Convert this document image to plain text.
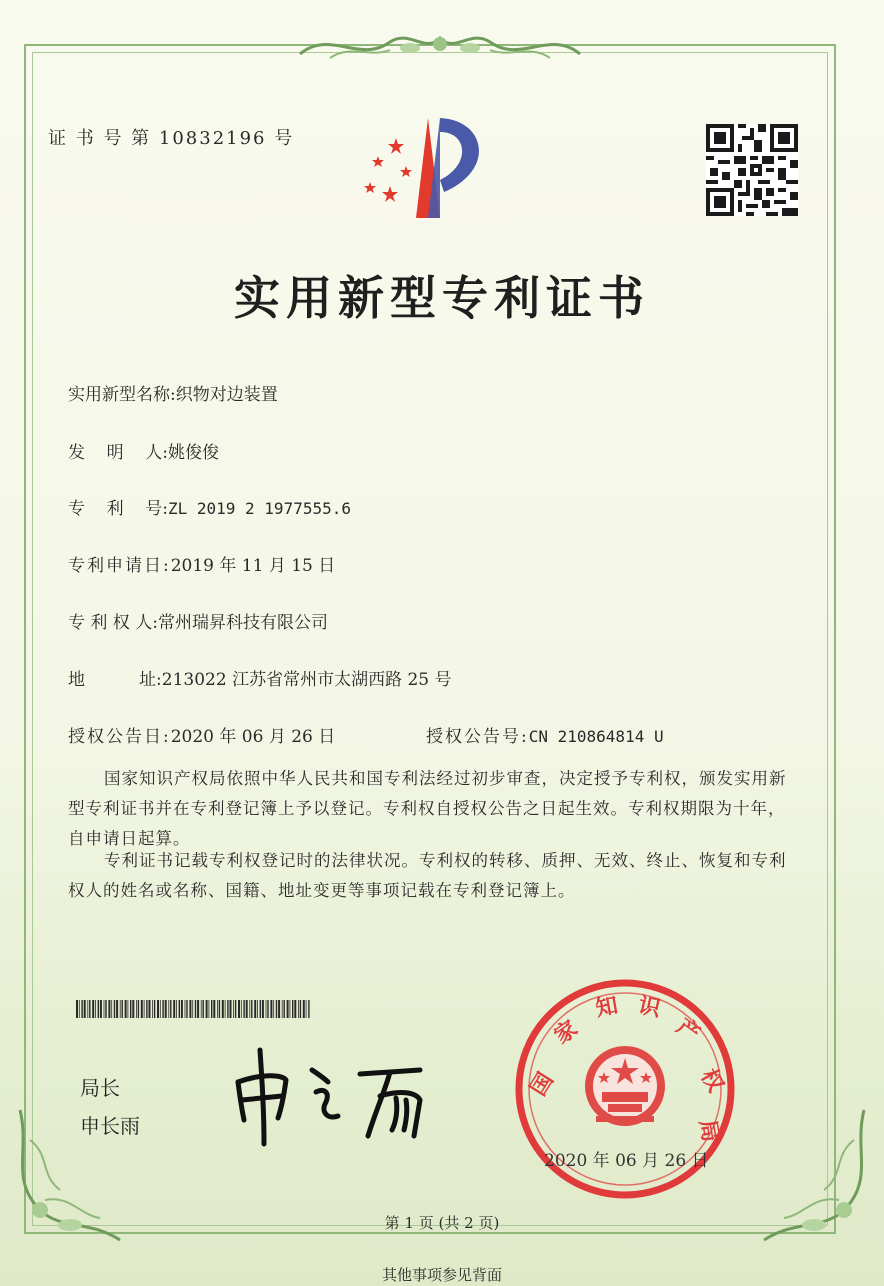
证 书 号 第 10832196 号
实用新型专利证书
实用新型名称:织物对边装置
发    明    人:姚俊俊
专    利    号:ZL 2019 2 1977555.6
专利申请日:2019 年 11 月 15 日
专 利 权 人:常州瑞昇科技有限公司
地          址:213022 江苏省常州市太湖西路 25 号
授权公告日:2020 年 06 月 26 日	授权公告号:CN 210864814 U
国家知识产权局依照中华人民共和国专利法经过初步审查，决定授予专利权，颁发实用新型专利证书并在专利登记簿上予以登记。专利权自授权公告之日起生效。专利权期限为十年，自申请日起算。
专利证书记载专利权登记时的法律状况。专利权的转移、质押、无效、终止、恢复和专利权人的姓名或名称、国籍、地址变更等事项记载在专利登记簿上。
局长
申长雨
国
家
知 识
产
权
局
2020 年 06 月 26 日
第 1 页 (共 2 页)
其他事项参见背面
